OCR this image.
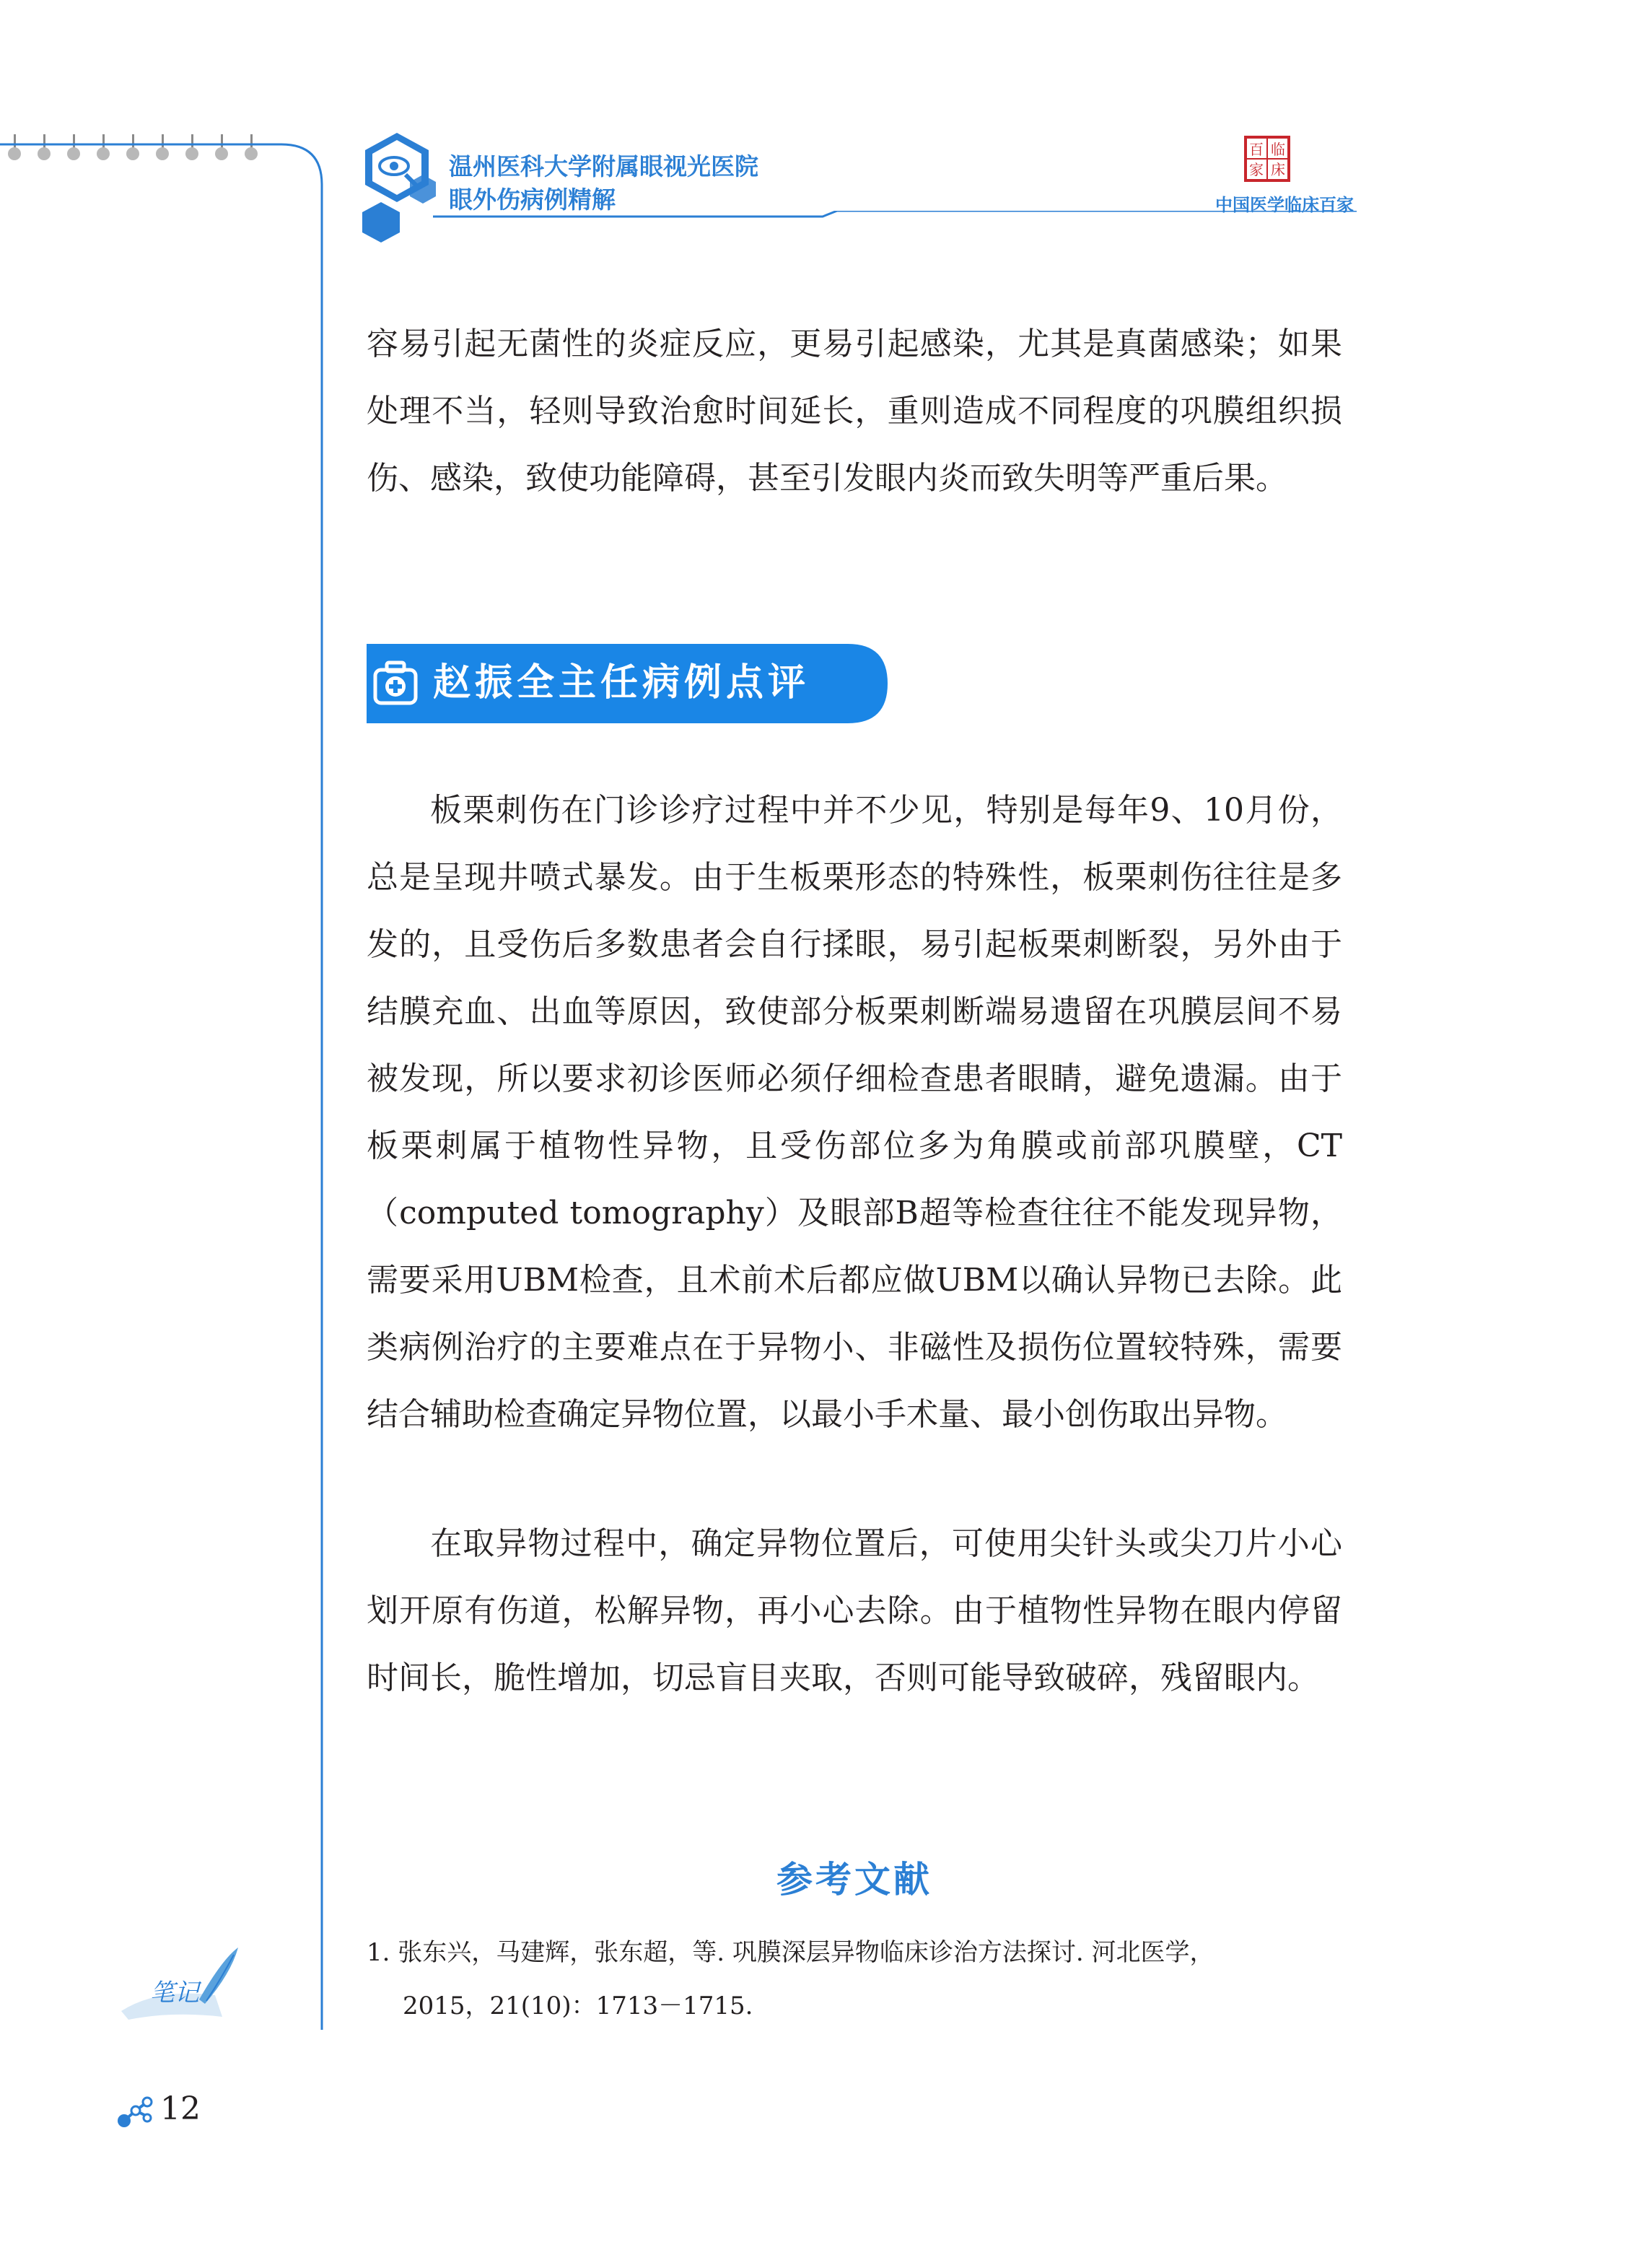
温州医科大学附属眼视光医院
眼外伤病例精解
百 临
家 床
中国医学临床百家

容易引起无菌性的炎症反应，更易引起感染，尤其是真菌感染；如果处理不当，轻则导致治愈时间延长，重则造成不同程度的巩膜组织损伤、感染，致使功能障碍，甚至引发眼内炎而致失明等严重后果。

赵振全主任病例点评

板栗刺伤在门诊诊疗过程中并不少见，特别是每年9、10月份，总是呈现井喷式暴发。由于生板栗形态的特殊性，板栗刺伤往往是多发的，且受伤后多数患者会自行揉眼，易引起板栗刺断裂，另外由于结膜充血、出血等原因，致使部分板栗刺断端易遗留在巩膜层间不易被发现，所以要求初诊医师必须仔细检查患者眼睛，避免遗漏。由于板栗刺属于植物性异物，且受伤部位多为角膜或前部巩膜壁，CT（computed tomography）及眼部B超等检查往往不能发现异物，需要采用UBM检查，且术前术后都应做UBM以确认异物已去除。此类病例治疗的主要难点在于异物小、非磁性及损伤位置较特殊，需要结合辅助检查确定异物位置，以最小手术量、最小创伤取出异物。

在取异物过程中，确定异物位置后，可使用尖针头或尖刀片小心划开原有伤道，松解异物，再小心去除。由于植物性异物在眼内停留时间长，脆性增加，切忌盲目夹取，否则可能导致破碎，残留眼内。

参考文献
1. 张东兴，马建辉，张东超，等. 巩膜深层异物临床诊治方法探讨. 河北医学，
2015，21(10)：1713－1715.
笔记
12
